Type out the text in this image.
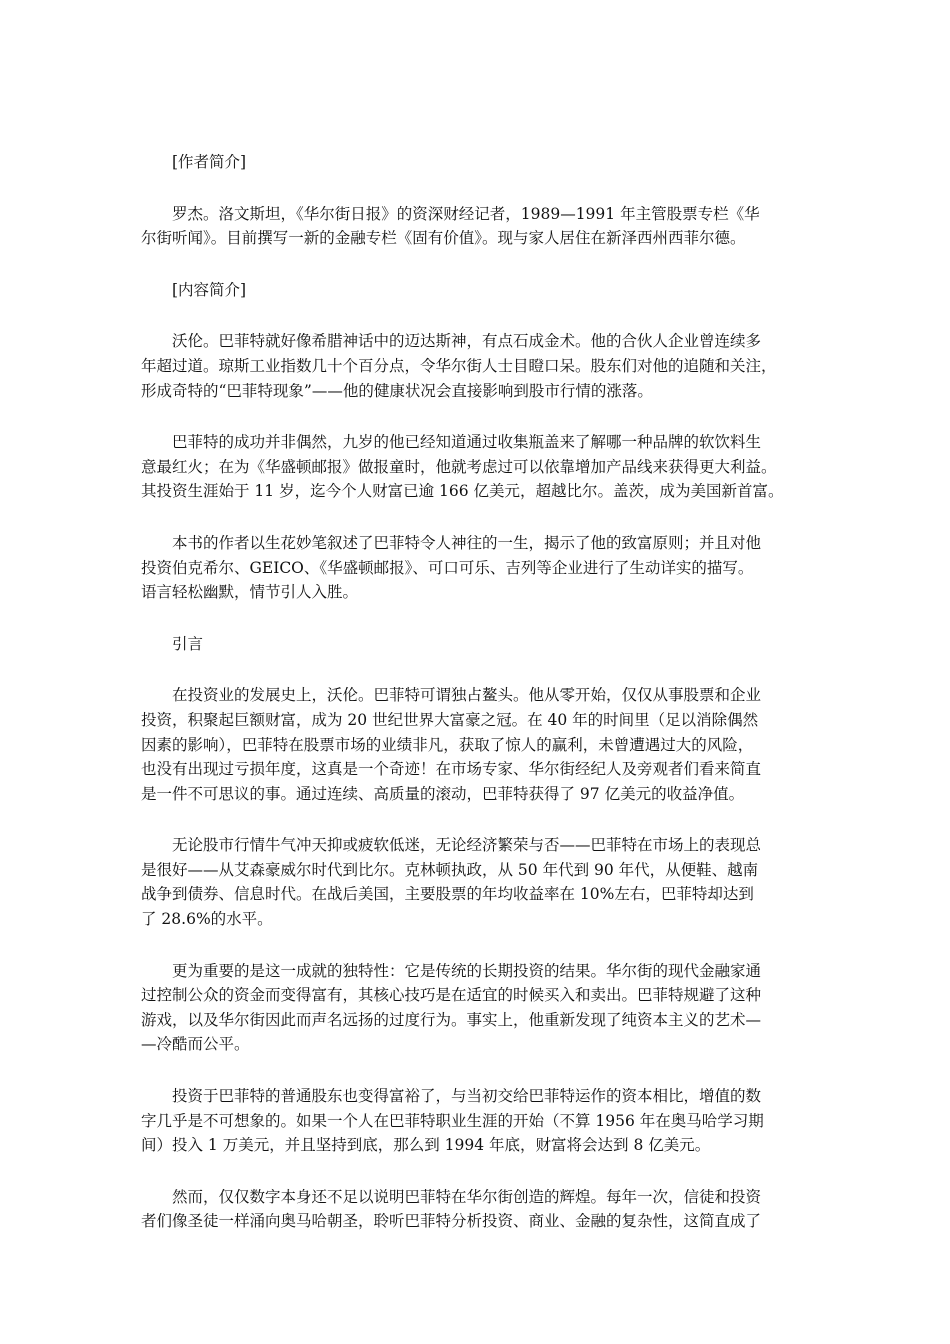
[作者简介]
罗杰。洛文斯坦，《华尔街日报》的资深财经记者，1989—1991 年主管股票专栏《华
尔街听闻》。目前撰写一新的金融专栏《固有价值》。现与家人居住在新泽西州西菲尔德。
[内容简介]
沃伦。巴菲特就好像希腊神话中的迈达斯神，有点石成金术。他的合伙人企业曾连续多
年超过道。琼斯工业指数几十个百分点，令华尔街人士目瞪口呆。股东们对他的追随和关注，
形成奇特的“巴菲特现象”——他的健康状况会直接影响到股市行情的涨落。
巴菲特的成功并非偶然，九岁的他已经知道通过收集瓶盖来了解哪一种品牌的软饮料生
意最红火；在为《华盛顿邮报》做报童时，他就考虑过可以依靠增加产品线来获得更大利益。
其投资生涯始于 11 岁，迄今个人财富已逾 166 亿美元，超越比尔。盖茨，成为美国新首富。
本书的作者以生花妙笔叙述了巴菲特令人神往的一生，揭示了他的致富原则；并且对他
投资伯克希尔、GEICO、《华盛顿邮报》、可口可乐、吉列等企业进行了生动详实的描写。
语言轻松幽默，情节引人入胜。
引言
在投资业的发展史上，沃伦。巴菲特可谓独占鳌头。他从零开始，仅仅从事股票和企业
投资，积聚起巨额财富，成为 20 世纪世界大富豪之冠。在 40 年的时间里（足以消除偶然
因素的影响），巴菲特在股票市场的业绩非凡，获取了惊人的赢利，未曾遭遇过大的风险，
也没有出现过亏损年度，这真是一个奇迹！在市场专家、华尔街经纪人及旁观者们看来简直
是一件不可思议的事。通过连续、高质量的滚动，巴菲特获得了 97 亿美元的收益净值。
无论股市行情牛气冲天抑或疲软低迷，无论经济繁荣与否——巴菲特在市场上的表现总
是很好——从艾森豪威尔时代到比尔。克林顿执政，从 50 年代到 90 年代，从便鞋、越南
战争到债券、信息时代。在战后美国，主要股票的年均收益率在 10%左右，巴菲特却达到
了 28.6%的水平。
更为重要的是这一成就的独特性：它是传统的长期投资的结果。华尔街的现代金融家通
过控制公众的资金而变得富有，其核心技巧是在适宜的时候买入和卖出。巴菲特规避了这种
游戏，以及华尔街因此而声名远扬的过度行为。事实上，他重新发现了纯资本主义的艺术—
—冷酷而公平。
投资于巴菲特的普通股东也变得富裕了，与当初交给巴菲特运作的资本相比，增值的数
字几乎是不可想象的。如果一个人在巴菲特职业生涯的开始（不算 1956 年在奥马哈学习期
间）投入 1 万美元，并且坚持到底，那么到 1994 年底，财富将会达到 8 亿美元。
然而，仅仅数字本身还不足以说明巴菲特在华尔街创造的辉煌。每年一次，信徒和投资
者们像圣徒一样涌向奥马哈朝圣，聆听巴菲特分析投资、商业、金融的复杂性，这简直成了
